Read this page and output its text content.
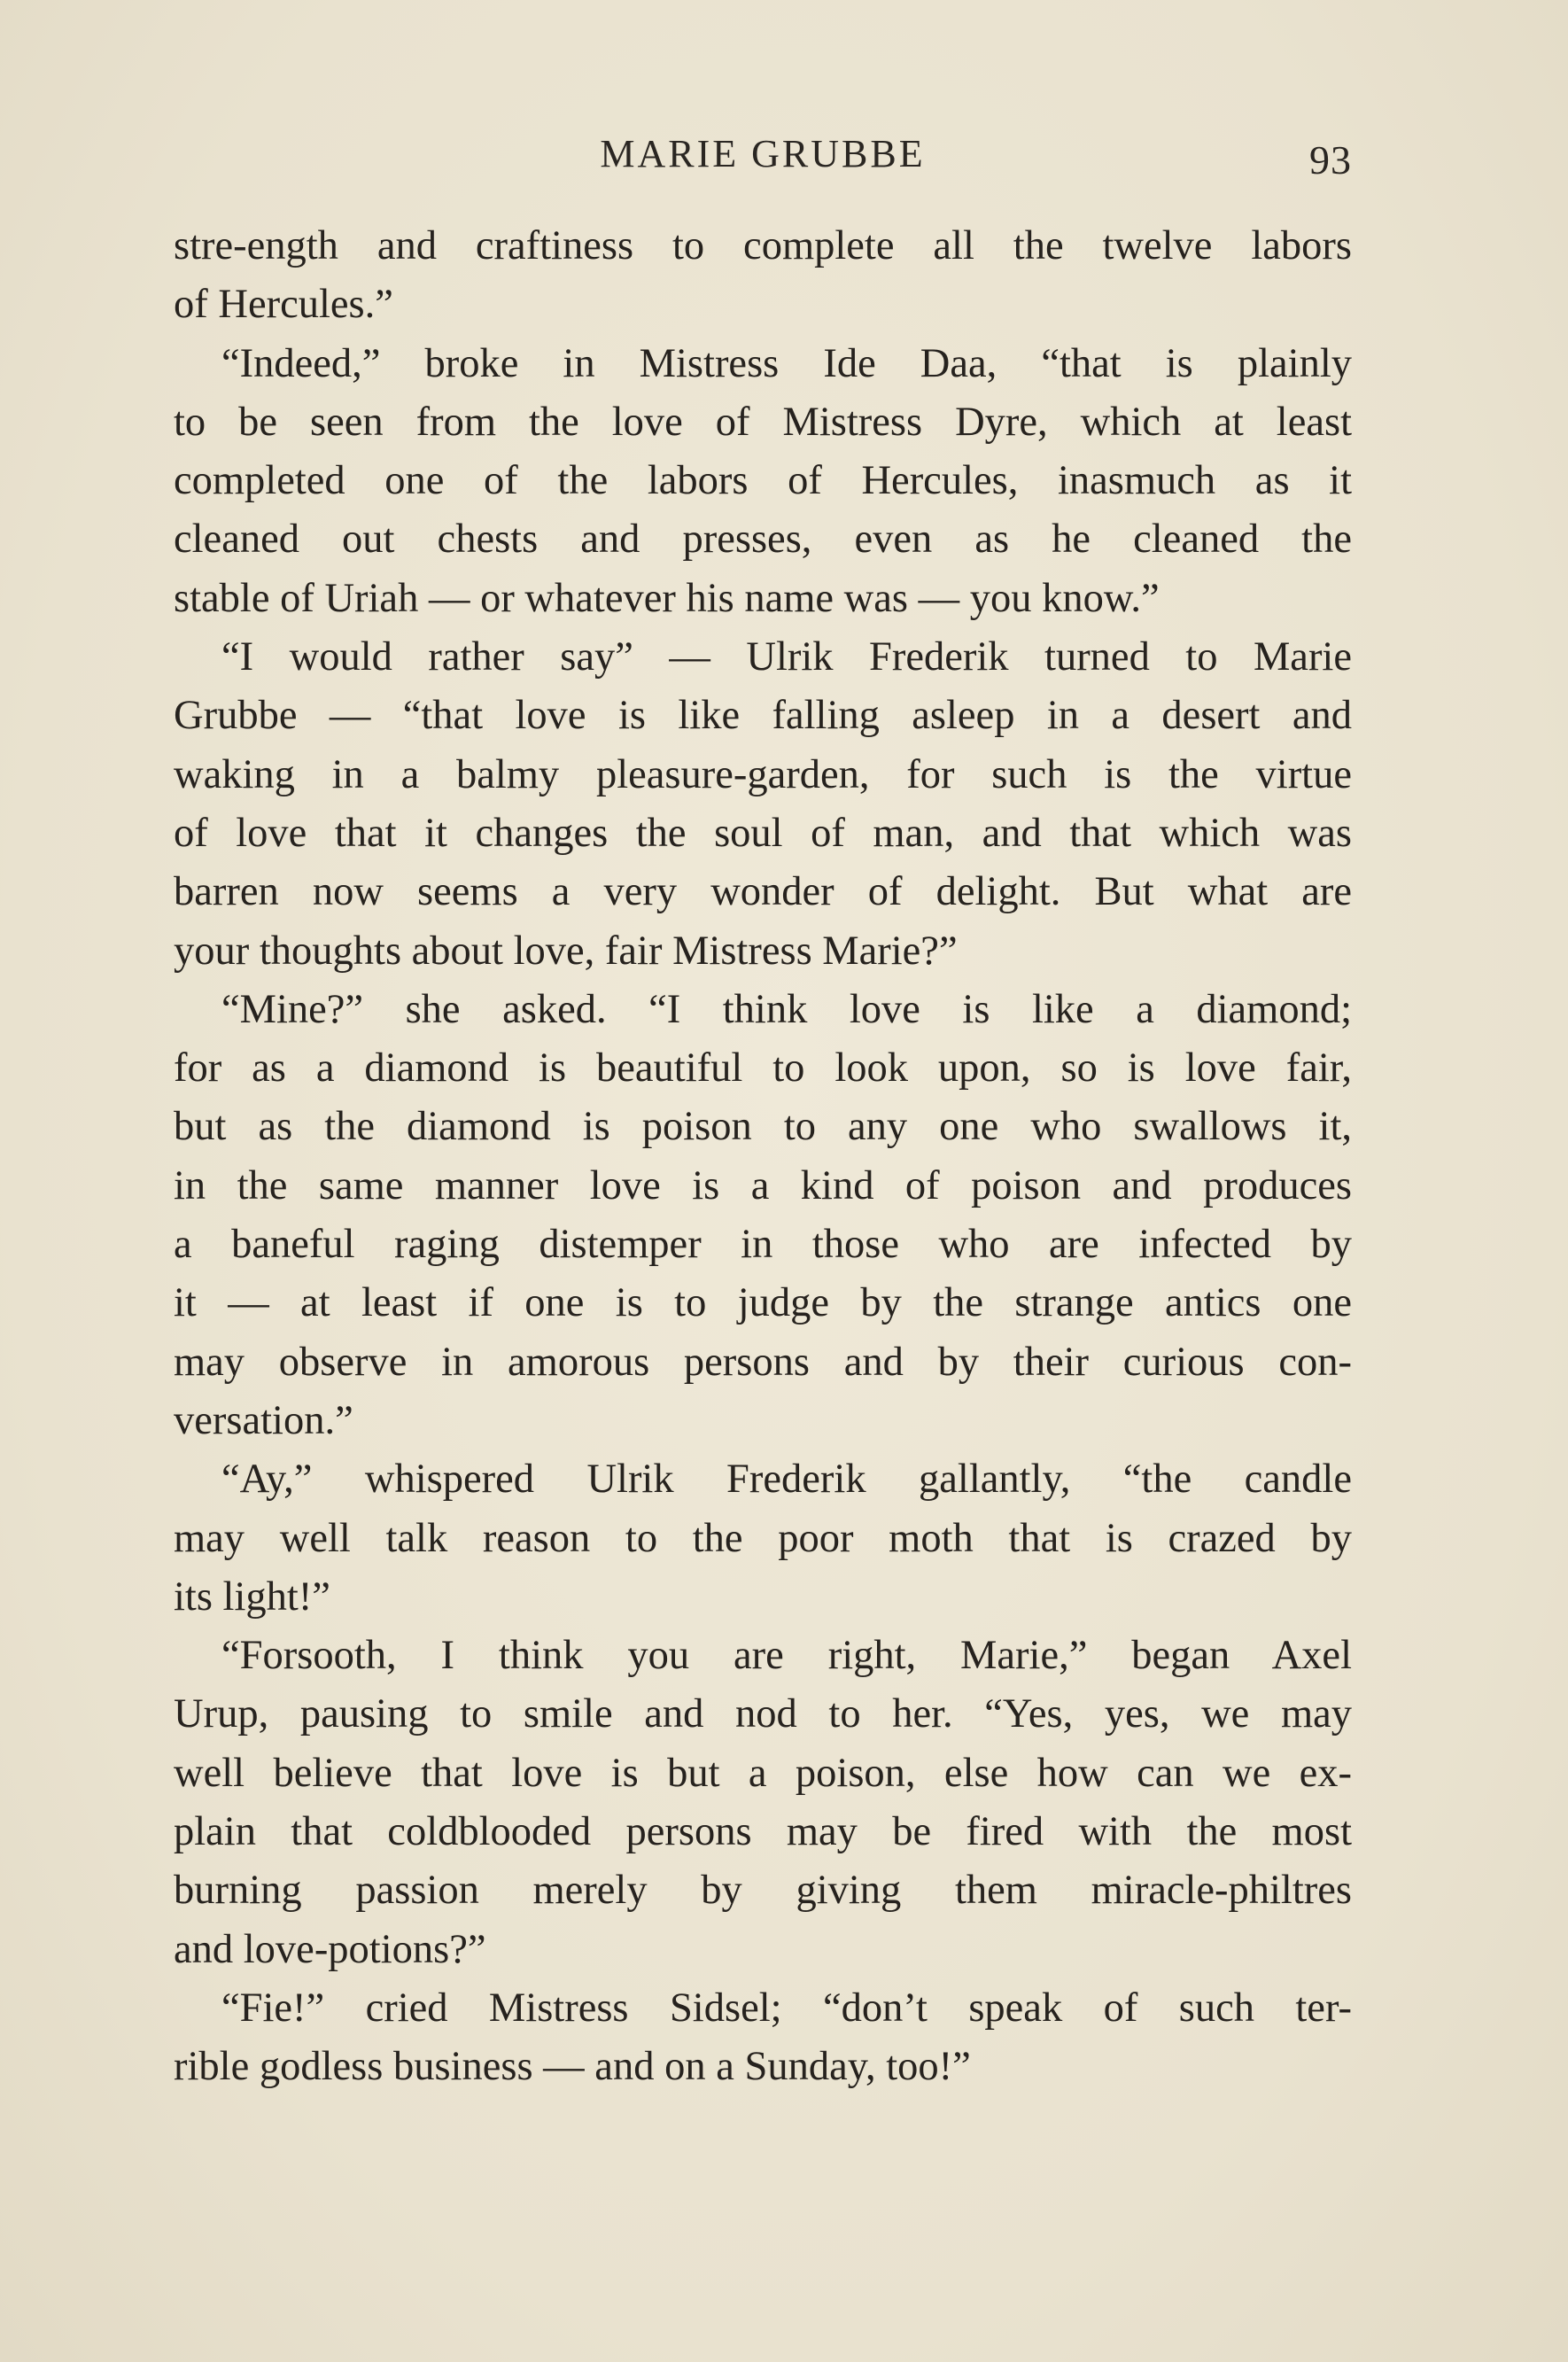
MARIE GRUBBE	93
stre-ength and craftiness to complete all the twelve labors
of Hercules.”
“Indeed,” broke in Mistress Ide Daa, “that is plainly
to be seen from the love of Mistress Dyre, which at least
completed one of the labors of Hercules, inasmuch as it
cleaned out chests and presses, even as he cleaned the
stable of Uriah — or whatever his name was — you know.”
“I would rather say” — Ulrik Frederik turned to Marie
Grubbe — “that love is like falling asleep in a desert and
waking in a balmy pleasure-garden, for such is the virtue
of love that it changes the soul of man, and that which was
barren now seems a very wonder of delight. But what are
your thoughts about love, fair Mistress Marie?”
“Mine?” she asked. “I think love is like a diamond;
for as a diamond is beautiful to look upon, so is love fair,
but as the diamond is poison to any one who swallows it,
in the same manner love is a kind of poison and produces
a baneful raging distemper in those who are infected by
it — at least if one is to judge by the strange antics one
may observe in amorous persons and by their curious con-
versation.”
“Ay,” whispered Ulrik Frederik gallantly, “the candle
may well talk reason to the poor moth that is crazed by
its light!”
“Forsooth, I think you are right, Marie,” began Axel
Urup, pausing to smile and nod to her. “Yes, yes, we may
well believe that love is but a poison, else how can we ex-
plain that coldblooded persons may be fired with the most
burning passion merely by giving them miracle-philtres
and love-potions?”
“Fie!” cried Mistress Sidsel; “don’t speak of such ter-
rible godless business — and on a Sunday, too!”
